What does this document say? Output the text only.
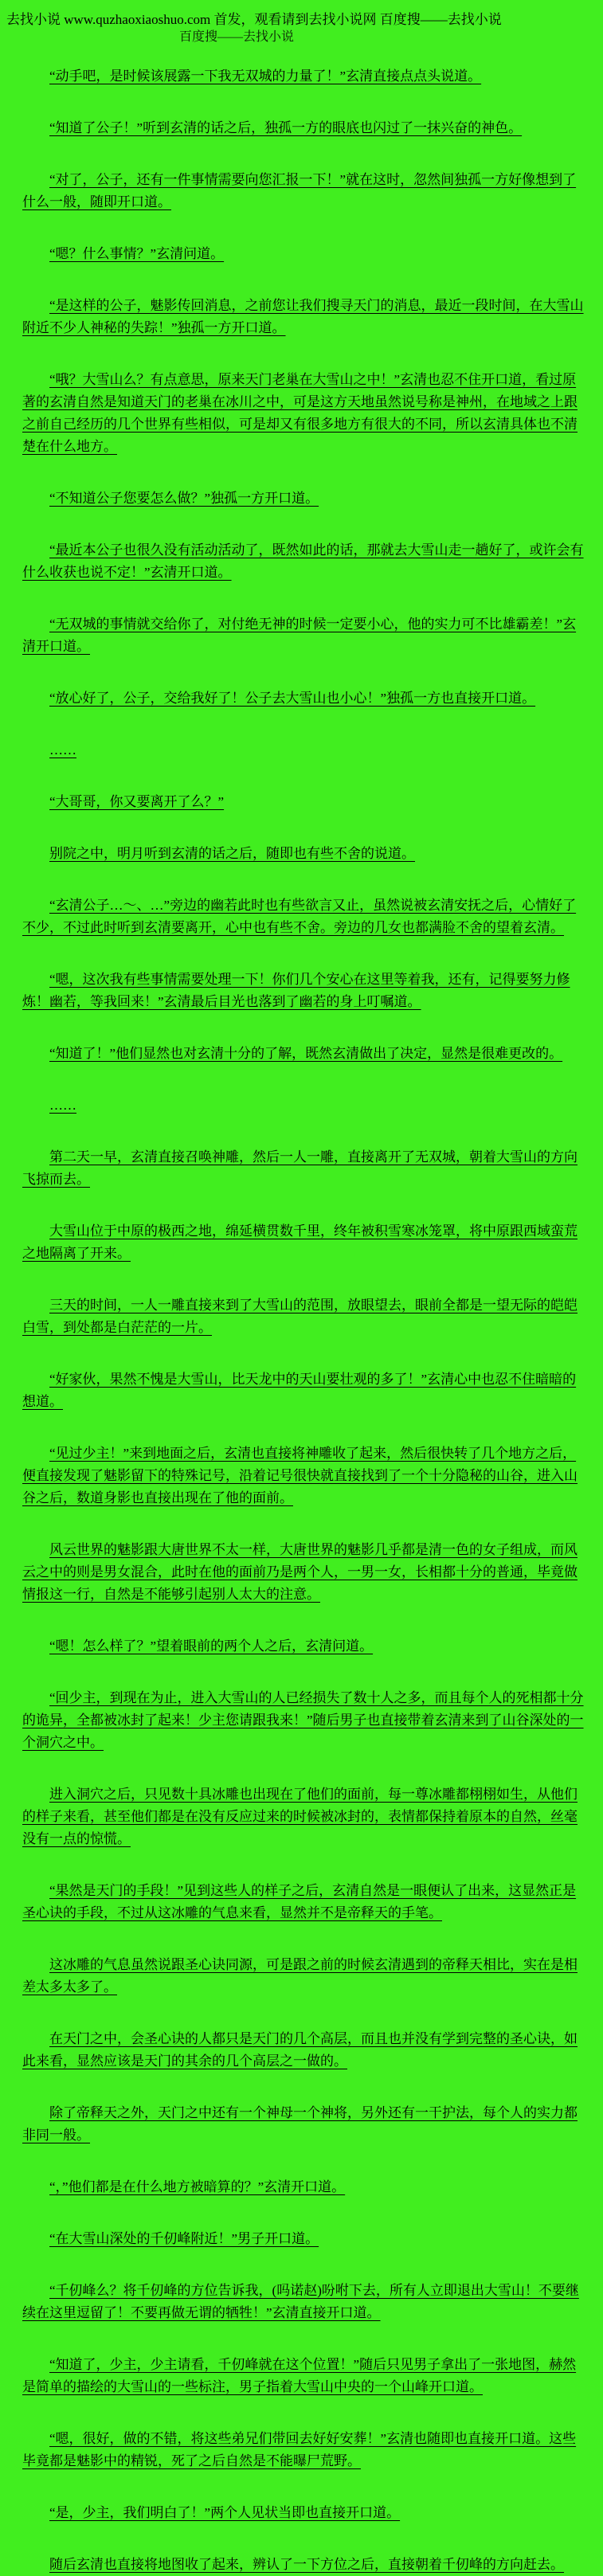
去找小说 www.quzhaoxiaoshuo.com 首发，观看请到去找小说网 百度搜——去找小说
百度搜——去找小说

“动手吧，是时候该展露一下我无双城的力量了！”玄清直接点点头说道。

“知道了公子！”听到玄清的话之后，独孤一方的眼底也闪过了一抹兴奋的神色。

“对了，公子，还有一件事情需要向您汇报一下！”就在这时，忽然间独孤一方好像想到了什么一般，随即开口道。

“嗯？什么事情？”玄清问道。

“是这样的公子，魅影传回消息，之前您让我们搜寻天门的消息，最近一段时间，在大雪山附近不少人神秘的失踪！”独孤一方开口道。

“哦？大雪山么？有点意思，原来天门老巢在大雪山之中！”玄清也忍不住开口道，看过原著的玄清自然是知道天门的老巢在冰川之中，可是这方天地虽然说号称是神州，在地域之上跟之前自己经历的几个世界有些相似，可是却又有很多地方有很大的不同，所以玄清具体也不清楚在什么地方。

“不知道公子您要怎么做？”独孤一方开口道。

“最近本公子也很久没有活动活动了，既然如此的话，那就去大雪山走一趟好了，或许会有什么收获也说不定！”玄清开口道。

“无双城的事情就交给你了，对付绝无神的时候一定要小心，他的实力可不比雄霸差！”玄清开口道。

“放心好了，公子，交给我好了！公子去大雪山也小心！”独孤一方也直接开口道。

……

“大哥哥，你又要离开了么？”

别院之中，明月听到玄清的话之后，随即也有些不舍的说道。

“玄清公子…～、…”旁边的幽若此时也有些欲言又止，虽然说被玄清安抚之后，心情好了不少，不过此时听到玄清要离开，心中也有些不舍。旁边的几女也都满脸不舍的望着玄清。

“嗯，这次我有些事情需要处理一下！你们几个安心在这里等着我，还有，记得要努力修炼！幽若，等我回来！”玄清最后目光也落到了幽若的身上叮嘱道。

“知道了！”他们显然也对玄清十分的了解，既然玄清做出了决定，显然是很难更改的。

……

第二天一早，玄清直接召唤神雕，然后一人一雕，直接离开了无双城，朝着大雪山的方向飞掠而去。

大雪山位于中原的极西之地，绵延横贯数千里，终年被积雪寒冰笼罩，将中原跟西域蛮荒之地隔离了开来。

三天的时间，一人一雕直接来到了大雪山的范围，放眼望去，眼前全都是一望无际的皑皑白雪，到处都是白茫茫的一片。

“好家伙，果然不愧是大雪山，比天龙中的天山要壮观的多了！”玄清心中也忍不住暗暗的想道。

“见过少主！”来到地面之后，玄清也直接将神雕收了起来，然后很快转了几个地方之后，便直接发现了魅影留下的特殊记号，沿着记号很快就直接找到了一个十分隐秘的山谷，进入山谷之后，数道身影也直接出现在了他的面前。

风云世界的魅影跟大唐世界不太一样，大唐世界的魅影几乎都是清一色的女子组成，而风云之中的则是男女混合，此时在他的面前乃是两个人，一男一女，长相都十分的普通，毕竟做情报这一行，自然是不能够引起别人太大的注意。

“嗯！怎么样了？”望着眼前的两个人之后，玄清问道。

“回少主，到现在为止，进入大雪山的人已经损失了数十人之多，而且每个人的死相都十分的诡异，全都被冰封了起来！少主您请跟我来！”随后男子也直接带着玄清来到了山谷深处的一个洞穴之中。

进入洞穴之后，只见数十具冰雕也出现在了他们的面前，每一尊冰雕都栩栩如生，从他们的样子来看，甚至他们都是在没有反应过来的时候被冰封的，表情都保持着原本的自然，丝毫没有一点的惊慌。

“果然是天门的手段！”见到这些人的样子之后，玄清自然是一眼便认了出来，这显然正是圣心诀的手段，不过从这冰雕的气息来看，显然并不是帝释天的手笔。

这冰雕的气息虽然说跟圣心诀同源，可是跟之前的时候玄清遇到的帝释天相比，实在是相差太多太多了。

在天门之中，会圣心诀的人都只是天门的几个高层，而且也并没有学到完整的圣心诀，如此来看，显然应该是天门的其余的几个高层之一做的。

除了帝释天之外，天门之中还有一个神母一个神将，另外还有一干护法，每个人的实力都非同一般。

“，”他们都是在什么地方被暗算的？”玄清开口道。

“在大雪山深处的千仞峰附近！”男子开口道。

“千仞峰么？将千仞峰的方位告诉我，(吗诺赵)吩咐下去，所有人立即退出大雪山！不要继续在这里逗留了！不要再做无谓的牺牲！”玄清直接开口道。

“知道了，少主，少主请看，千仞峰就在这个位置！”随后只见男子拿出了一张地图，赫然是简单的描绘的大雪山的一些标注，男子指着大雪山中央的一个山峰开口道。

“嗯，很好，做的不错，将这些弟兄们带回去好好安葬！”玄清也随即也直接开口道。这些毕竟都是魅影中的精锐，死了之后自然是不能曝尸荒野。

“是，少主，我们明白了！”两个人见状当即也直接开口道。

随后玄清也直接将地图收了起来，辨认了一下方位之后，直接朝着千仞峰的方向赶去。
